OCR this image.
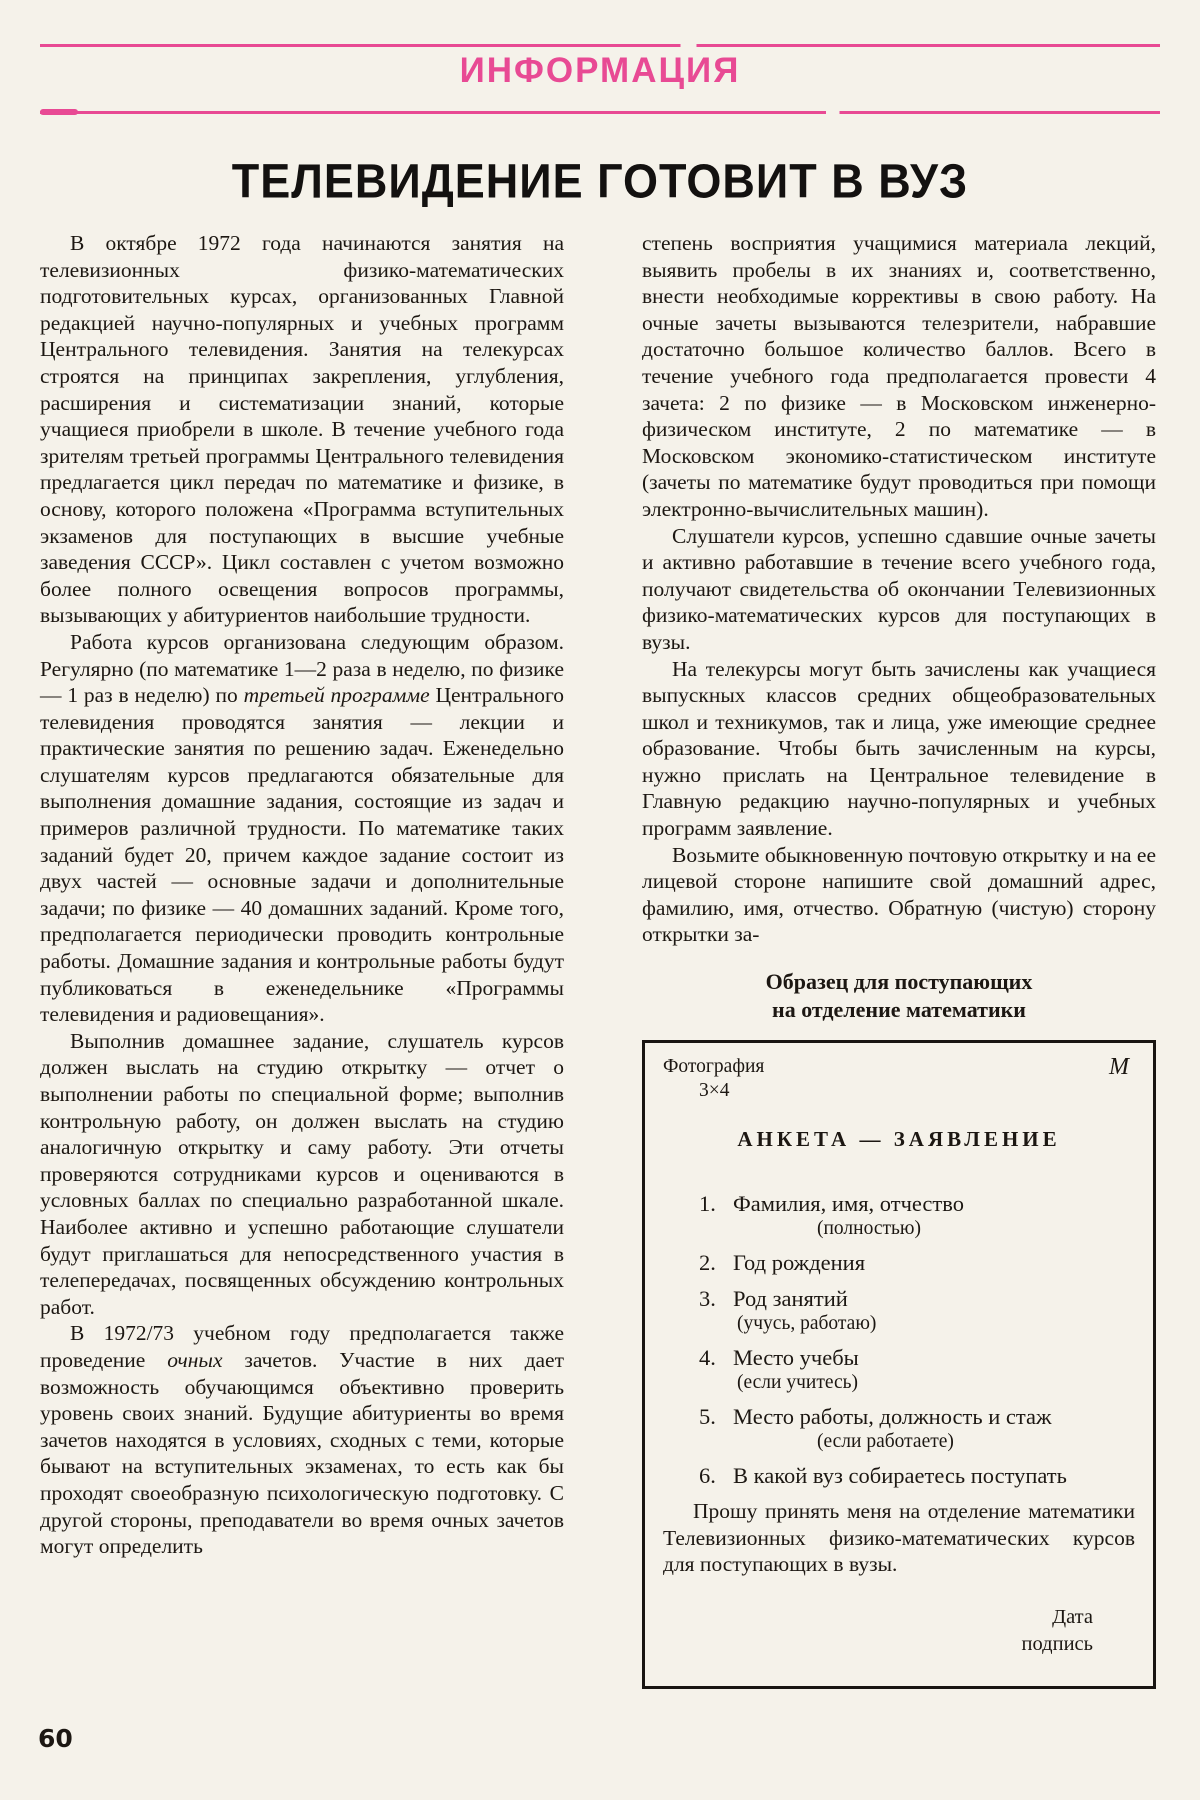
ИНФОРМАЦИЯ
ТЕЛЕВИДЕНИЕ ГОТОВИТ В ВУЗ

В октябре 1972 года начинаются занятия на телевизионных физико-математических подготовительных курсах, организованных Главной редакцией научно-популярных и учебных программ Центрального телевидения. Занятия на телекурсах строятся на принципах закрепления, углубления, расширения и систематизации знаний, которые учащиеся приобрели в школе. В течение учебного года зрителям третьей программы Центрального телевидения предлагается цикл передач по математике и физике, в основу, которого положена «Программа вступительных экзаменов для поступающих в высшие учебные заведения СССР». Цикл составлен с учетом возможно более полного освещения вопросов программы, вызывающих у абитуриентов наибольшие трудности.

Работа курсов организована следующим образом. Регулярно (по математике 1—2 раза в неделю, по физике — 1 раз в неделю) по третьей программе Центрального телевидения проводятся занятия — лекции и практические занятия по решению задач. Еженедельно слушателям курсов предлагаются обязательные для выполнения домашние задания, состоящие из задач и примеров различной трудности. По математике таких заданий будет 20, причем каждое задание состоит из двух частей — основные задачи и дополнительные задачи; по физике — 40 домашних заданий. Кроме того, предполагается периодически проводить контрольные работы. Домашние задания и контрольные работы будут публиковаться в еженедельнике «Программы телевидения и радиовещания».

Выполнив домашнее задание, слушатель курсов должен выслать на студию открытку — отчет о выполнении работы по специальной форме; выполнив контрольную работу, он должен выслать на студию аналогичную открытку и саму работу. Эти отчеты проверяются сотрудниками курсов и оцениваются в условных баллах по специально разработанной шкале. Наиболее активно и успешно работающие слушатели будут приглашаться для непосредственного участия в телепередачах, посвященных обсуждению контрольных работ.

В 1972/73 учебном году предполагается также проведение очных зачетов. Участие в них дает возможность обучающимся объективно проверить уровень своих знаний. Будущие абитуриенты во время зачетов находятся в условиях, сходных с теми, которые бывают на вступительных экзаменах, то есть как бы проходят своеобразную психологическую подготовку. С другой стороны, преподаватели во время очных зачетов могут определить

степень восприятия учащимися материала лекций, выявить пробелы в их знаниях и, соответственно, внести необходимые коррективы в свою работу. На очные зачеты вызываются телезрители, набравшие достаточно большое количество баллов. Всего в течение учебного года предполагается провести 4 зачета: 2 по физике — в Московском инженерно-физическом институте, 2 по математике — в Московском экономико-статистическом институте (зачеты по математике будут проводиться при помощи электронно-вычислительных машин).

Слушатели курсов, успешно сдавшие очные зачеты и активно работавшие в течение всего учебного года, получают свидетельства об окончании Телевизионных физико-математических курсов для поступающих в вузы.

На телекурсы могут быть зачислены как учащиеся выпускных классов средних общеобразовательных школ и техникумов, так и лица, уже имеющие среднее образование. Чтобы быть зачисленным на курсы, нужно прислать на Центральное телевидение в Главную редакцию научно-популярных и учебных программ заявление.

Возьмите обыкновенную почтовую открытку и на ее лицевой стороне напишите свой домашний адрес, фамилию, имя, отчество. Обратную (чистую) сторону открытки за-

Образец для поступающих
на отделение математики
Фотография
3×4
М
АНКЕТА — ЗАЯВЛЕНИЕ
1. Фамилия, имя, отчество
(полностью)
2. Год рождения
3. Род занятий
(учусь, работаю)
4. Место учебы
(если учитесь)
5. Место работы, должность и стаж
(если работаете)
6. В какой вуз собираетесь поступать

Прошу принять меня на отделение математики Телевизионных физико-математических курсов для поступающих в вузы.

Дата
подпись
60
